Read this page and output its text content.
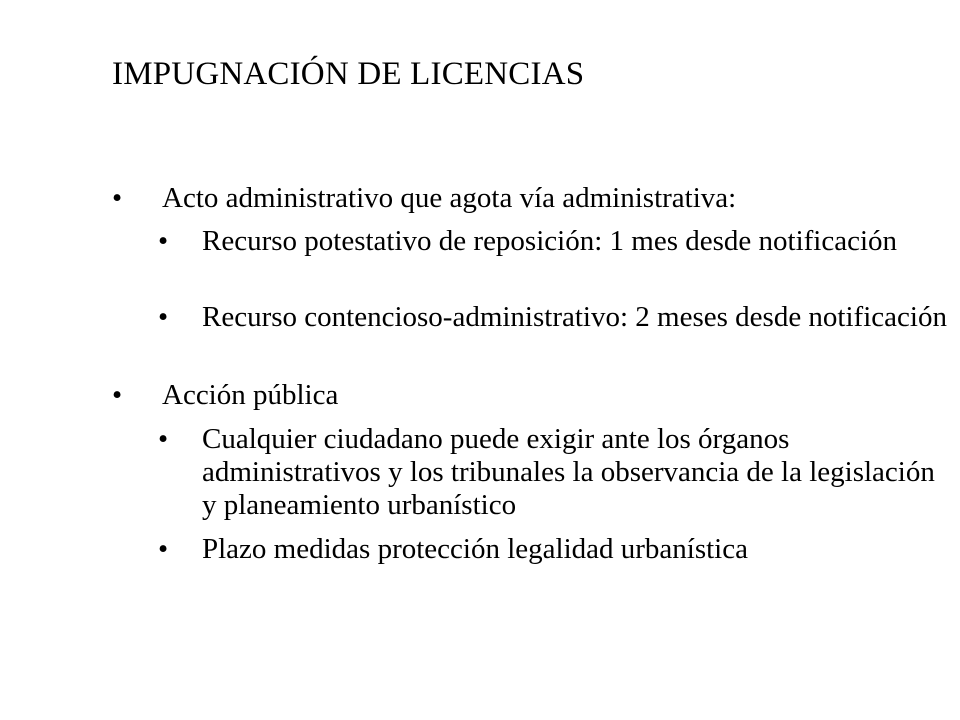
IMPUGNACIÓN DE LICENCIAS
• Acto administrativo que agota vía administrativa:
• Recurso potestativo de reposición: 1 mes desde notificación
• Recurso contencioso-administrativo: 2 meses desde notificación
• Acción pública
• Cualquier ciudadano puede exigir ante los órganos administrativos y los tribunales la observancia de la legislación y planeamiento urbanístico
• Plazo medidas protección legalidad urbanística
